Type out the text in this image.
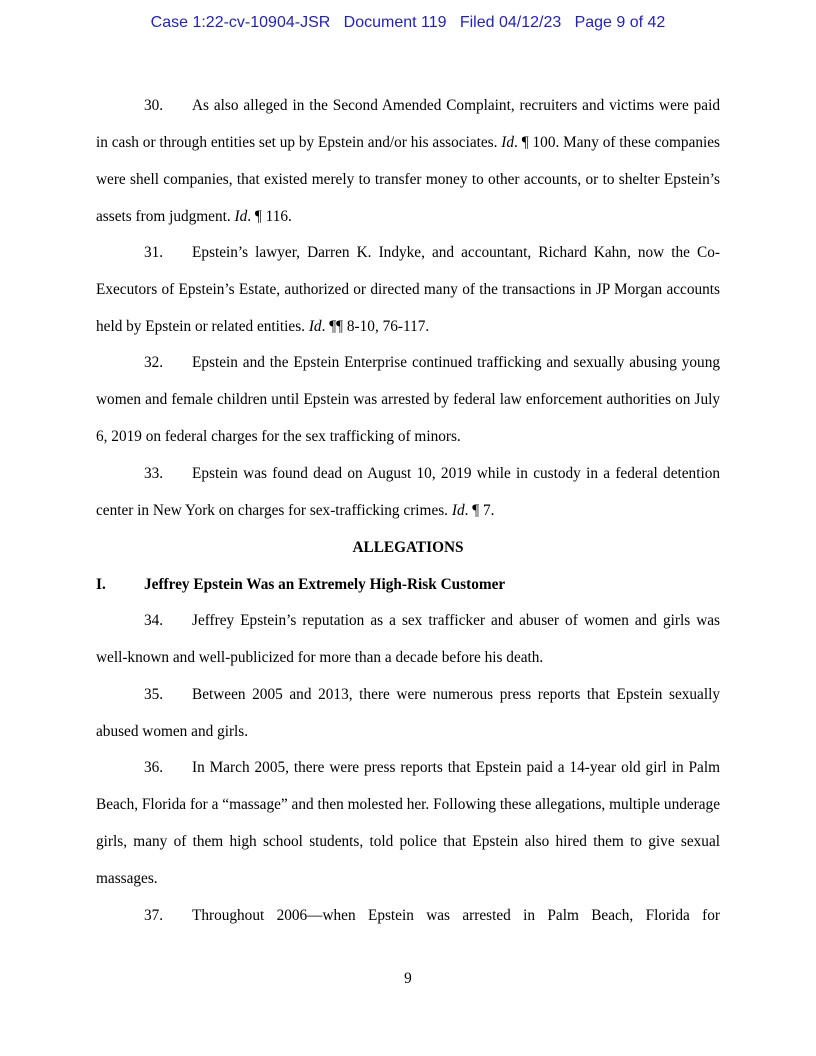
Case 1:22-cv-10904-JSR   Document 119   Filed 04/12/23   Page 9 of 42
30. As also alleged in the Second Amended Complaint, recruiters and victims were paid in cash or through entities set up by Epstein and/or his associates. Id. ¶ 100. Many of these companies were shell companies, that existed merely to transfer money to other accounts, or to shelter Epstein’s assets from judgment. Id. ¶ 116.
31. Epstein’s lawyer, Darren K. Indyke, and accountant, Richard Kahn, now the Co-Executors of Epstein’s Estate, authorized or directed many of the transactions in JP Morgan accounts held by Epstein or related entities. Id. ¶¶ 8-10, 76-117.
32. Epstein and the Epstein Enterprise continued trafficking and sexually abusing young women and female children until Epstein was arrested by federal law enforcement authorities on July 6, 2019 on federal charges for the sex trafficking of minors.
33. Epstein was found dead on August 10, 2019 while in custody in a federal detention center in New York on charges for sex-trafficking crimes. Id. ¶ 7.
ALLEGATIONS
I. Jeffrey Epstein Was an Extremely High-Risk Customer
34. Jeffrey Epstein’s reputation as a sex trafficker and abuser of women and girls was well-known and well-publicized for more than a decade before his death.
35. Between 2005 and 2013, there were numerous press reports that Epstein sexually abused women and girls.
36. In March 2005, there were press reports that Epstein paid a 14-year old girl in Palm Beach, Florida for a “massage” and then molested her. Following these allegations, multiple underage girls, many of them high school students, told police that Epstein also hired them to give sexual massages.
37. Throughout 2006—when Epstein was arrested in Palm Beach, Florida for
9
